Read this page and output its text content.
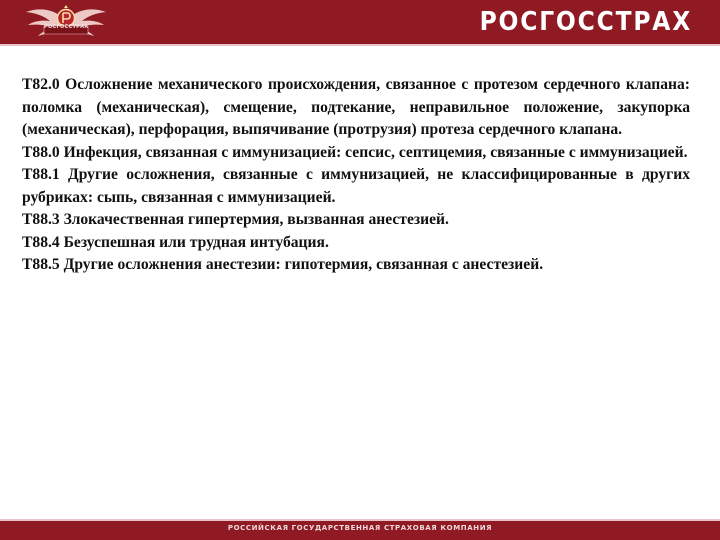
РОСГОССТРАХ	РОСГОССТРАХ

T82.0 Осложнение механического происхождения, связанное с протезом сердечного клапана: поломка (механическая), смещение, подтекание, неправильное положение, закупорка (механическая), перфорация, выпячивание (протрузия) протеза сердечного клапана.

T88.0 Инфекция, связанная с иммунизацией: сепсис, септицемия, связанные с иммунизацией.

T88.1 Другие осложнения, связанные с иммунизацией, не классифицированные в других рубриках: сыпь, связанная с иммунизацией.

T88.3 Злокачественная гипертермия, вызванная анестезией.

T88.4 Безуспешная или трудная интубация.

T88.5 Другие осложнения анестезии: гипотермия, связанная с анестезией.

РОССИЙСКАЯ ГОСУДАРСТВЕННАЯ СТРАХОВАЯ КОМПАНИЯ
